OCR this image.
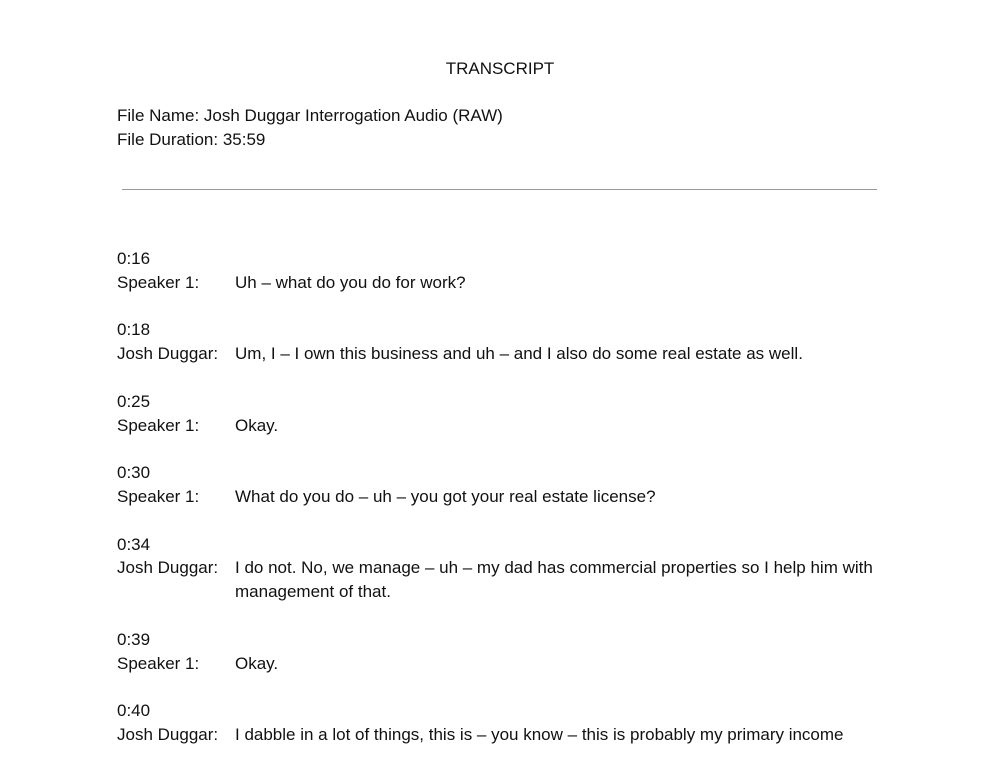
TRANSCRIPT
File Name: Josh Duggar Interrogation Audio (RAW)
File Duration: 35:59
0:16
Speaker 1:	Uh – what do you do for work?
0:18
Josh Duggar: Um, I – I own this business and uh – and I also do some real estate as well.
0:25
Speaker 1:	Okay.
0:30
Speaker 1:	What do you do – uh – you got your real estate license?
0:34
Josh Duggar: I do not. No, we manage – uh – my dad has commercial properties so I help him with management of that.
0:39
Speaker 1:	Okay.
0:40
Josh Duggar: I dabble in a lot of things, this is – you know – this is probably my primary income
